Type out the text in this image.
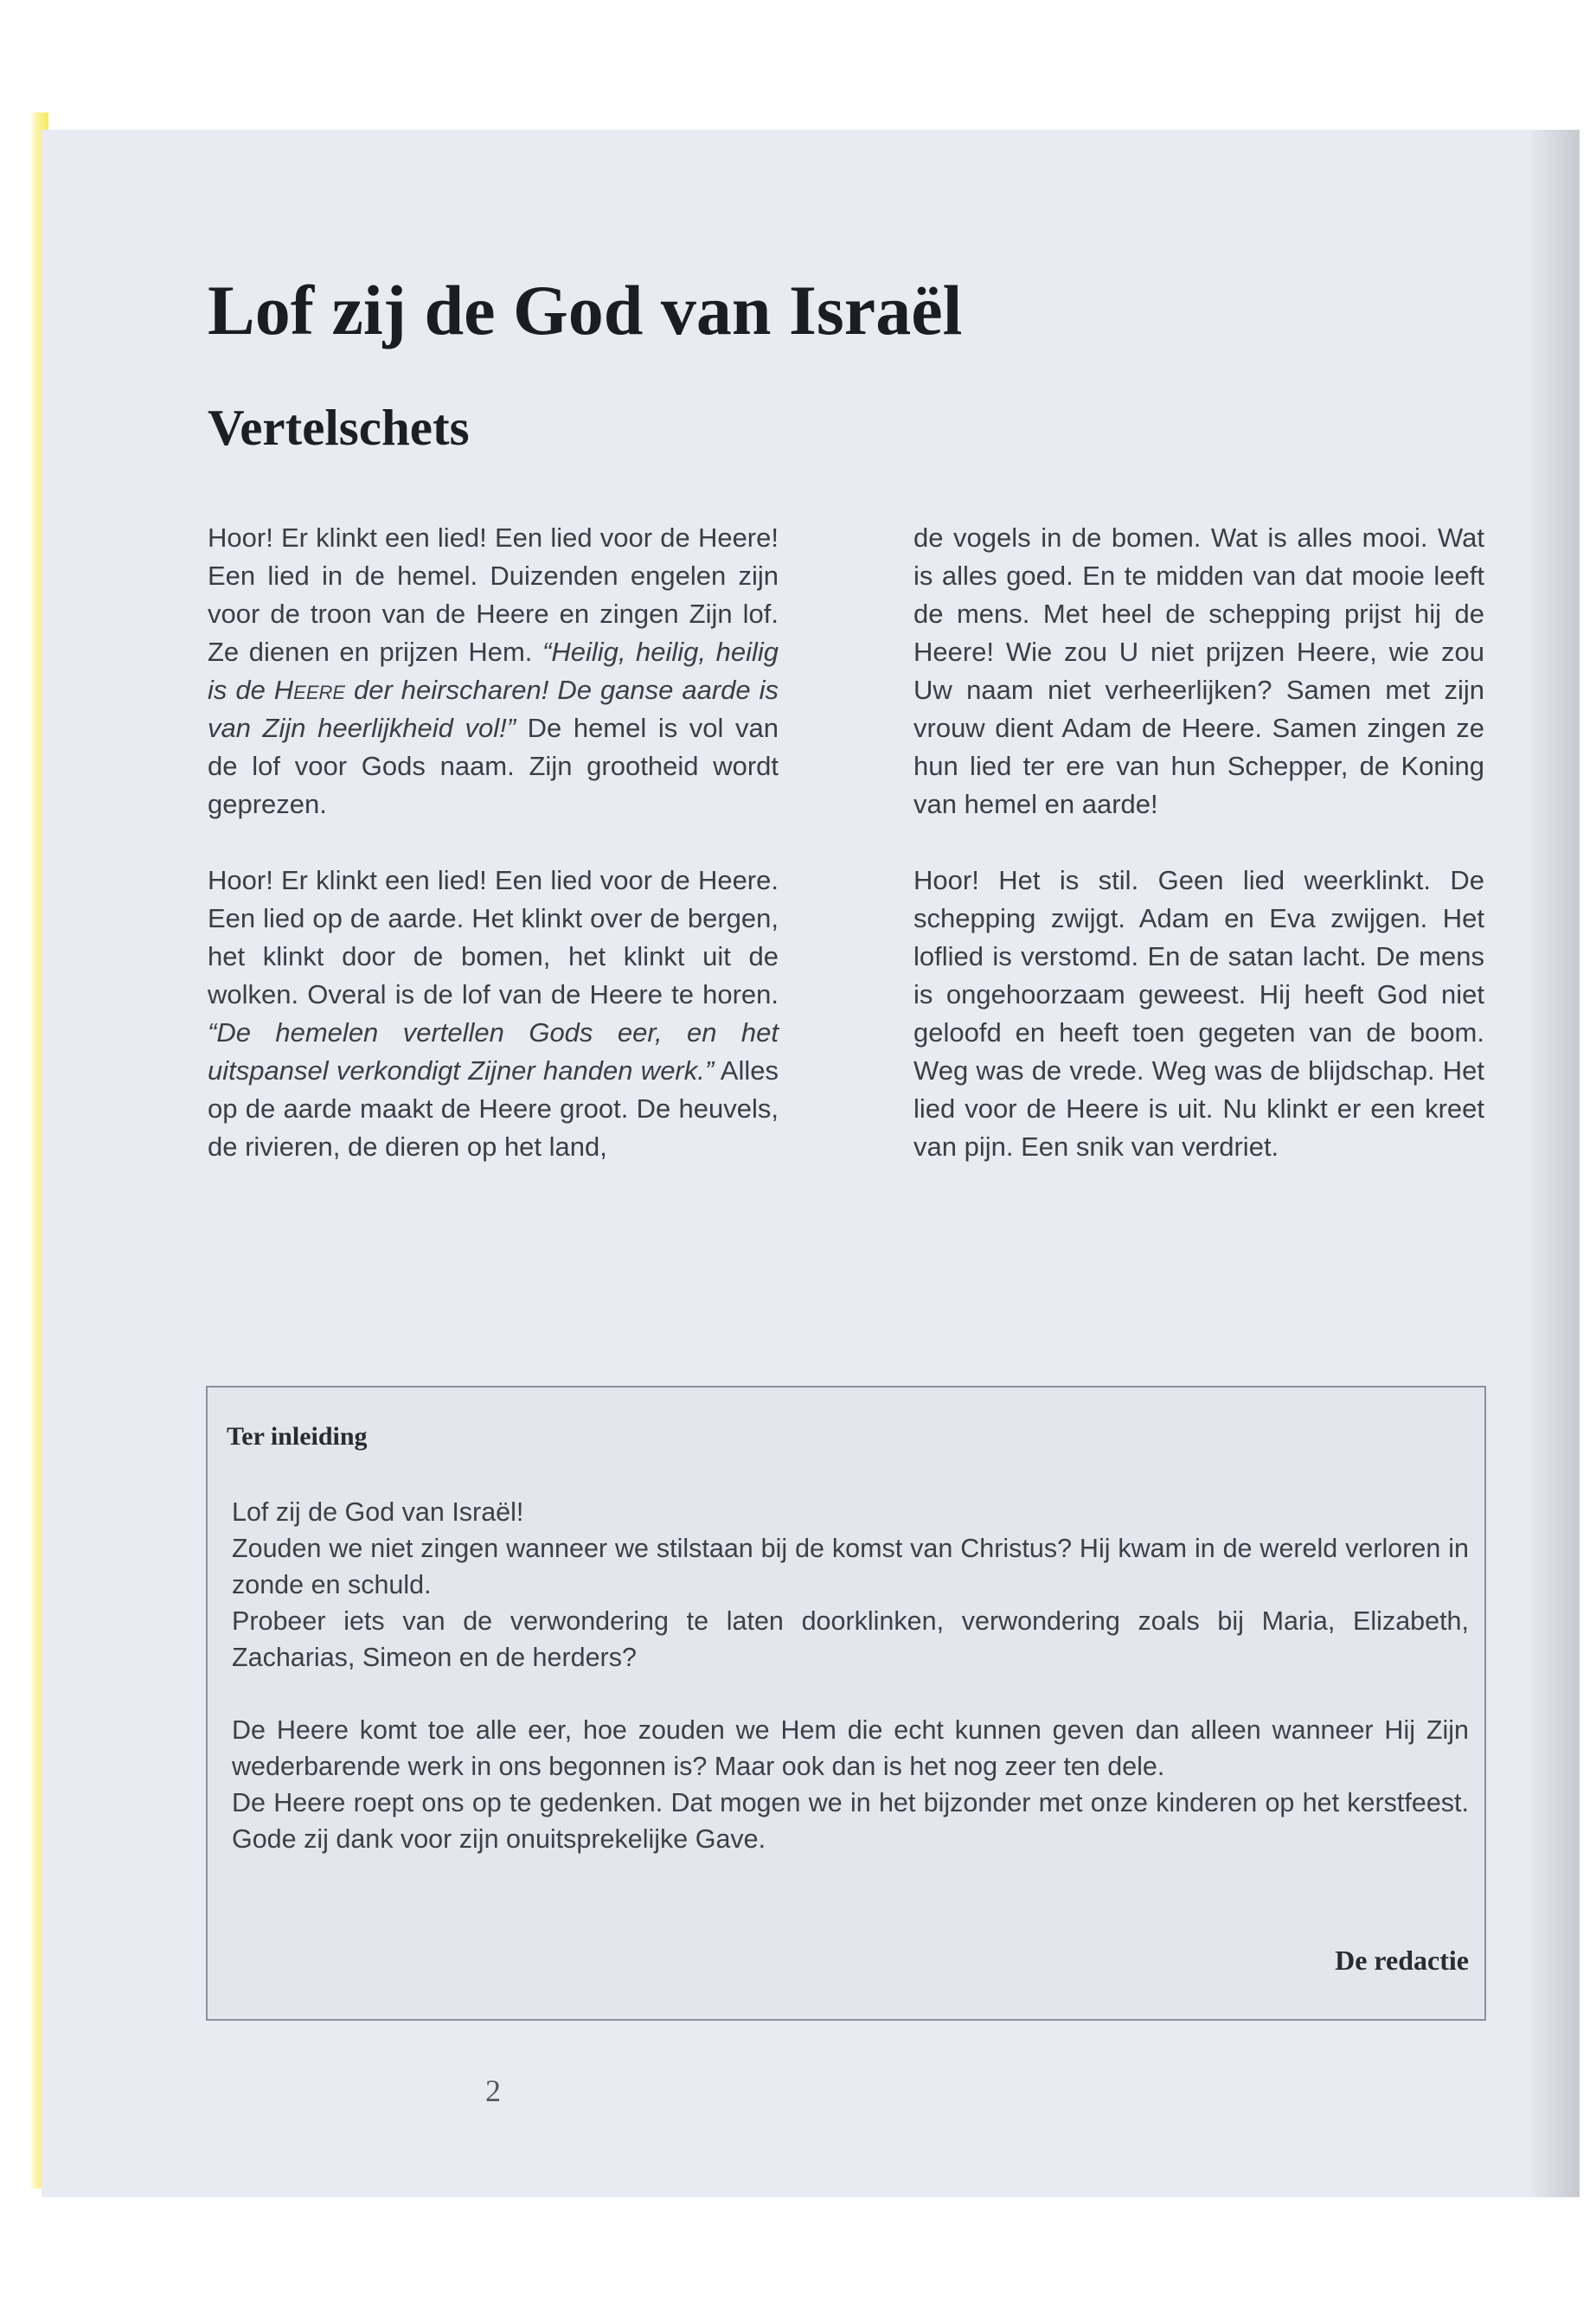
Lof zij de God van Israël
Vertelschets

Hoor! Er klinkt een lied! Een lied voor de Heere! Een lied in de hemel. Duizenden engelen zijn voor de troon van de Heere en zingen Zijn lof. Ze dienen en prijzen Hem. “Heilig, heilig, heilig is de Heere der heirscharen! De ganse aarde is van Zijn heerlijkheid vol!” De hemel is vol van de lof voor Gods naam. Zijn grootheid wordt geprezen.

Hoor! Er klinkt een lied! Een lied voor de Heere. Een lied op de aarde. Het klinkt over de bergen, het klinkt door de bomen, het klinkt uit de wolken. Overal is de lof van de Heere te horen. “De hemelen vertellen Gods eer, en het uitspansel verkondigt Zijner handen werk.” Alles op de aarde maakt de Heere groot. De heuvels, de rivieren, de dieren op het land,

de vogels in de bomen. Wat is alles mooi. Wat is alles goed. En te midden van dat mooie leeft de mens. Met heel de schepping prijst hij de Heere! Wie zou U niet prijzen Heere, wie zou Uw naam niet verheerlijken? Samen met zijn vrouw dient Adam de Heere. Samen zingen ze hun lied ter ere van hun Schepper, de Koning van hemel en aarde!

Hoor! Het is stil. Geen lied weerklinkt. De schepping zwijgt. Adam en Eva zwijgen. Het loflied is verstomd. En de satan lacht. De mens is ongehoorzaam geweest. Hij heeft God niet geloofd en heeft toen gegeten van de boom. Weg was de vrede. Weg was de blijdschap. Het lied voor de Heere is uit. Nu klinkt er een kreet van pijn. Een snik van verdriet.

Ter inleiding

Lof zij de God van Israël!

Zouden we niet zingen wanneer we stilstaan bij de komst van Christus? Hij kwam in de wereld verloren in zonde en schuld.

Probeer iets van de verwondering te laten doorklinken, verwondering zoals bij Maria, Elizabeth, Zacharias, Simeon en de herders?

De Heere komt toe alle eer, hoe zouden we Hem die echt kunnen geven dan alleen wanneer Hij Zijn wederbarende werk in ons begonnen is? Maar ook dan is het nog zeer ten dele.

De Heere roept ons op te gedenken. Dat mogen we in het bijzonder met onze kinderen op het kerstfeest. Gode zij dank voor zijn onuitsprekelijke Gave.

De redactie
2
